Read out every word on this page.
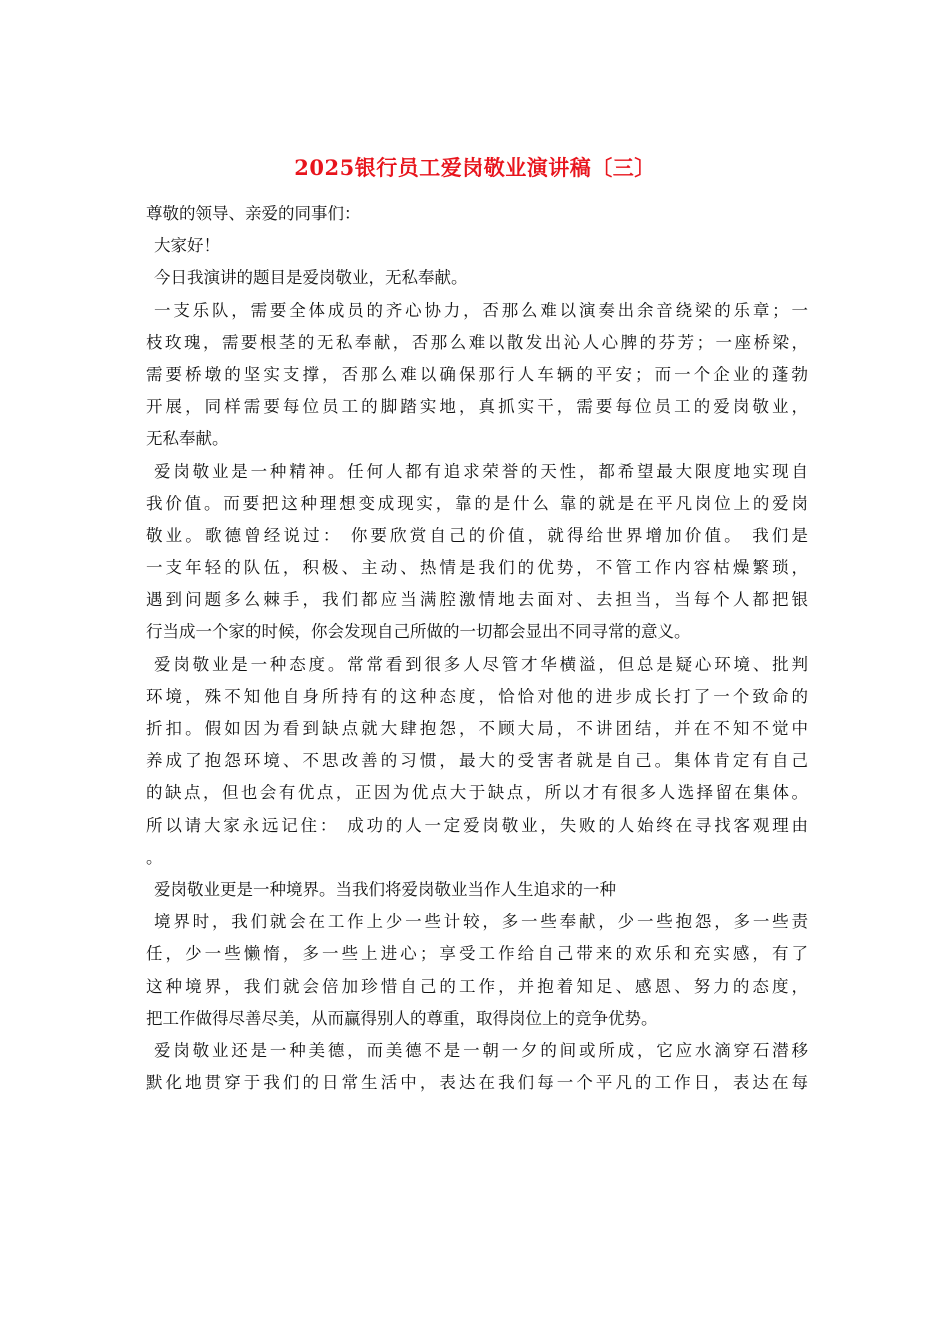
2025银行员工爱岗敬业演讲稿〔三〕
尊敬的领导、亲爱的同事们：
大家好！
今日我演讲的题目是爱岗敬业，无私奉献。
一支乐队，需要全体成员的齐心协力，否那么难以演奏出余音绕梁的乐章；一
枝玫瑰，需要根茎的无私奉献，否那么难以散发出沁人心脾的芬芳；一座桥梁，
需要桥墩的坚实支撑，否那么难以确保那行人车辆的平安；而一个企业的蓬勃
开展，同样需要每位员工的脚踏实地，真抓实干，需要每位员工的爱岗敬业，
无私奉献。
爱岗敬业是一种精神。任何人都有追求荣誉的天性，都希望最大限度地实现自
我价值。而要把这种理想变成现实，靠的是什么 靠的就是在平凡岗位上的爱岗
敬业。歌德曾经说过： 你要欣赏自己的价值，就得给世界增加价值。 我们是
一支年轻的队伍，积极、主动、热情是我们的优势，不管工作内容枯燥繁琐，
遇到问题多么棘手，我们都应当满腔激情地去面对、去担当，当每个人都把银
行当成一个家的时候，你会发现自己所做的一切都会显出不同寻常的意义。
爱岗敬业是一种态度。常常看到很多人尽管才华横溢，但总是疑心环境、批判
环境，殊不知他自身所持有的这种态度，恰恰对他的进步成长打了一个致命的
折扣。假如因为看到缺点就大肆抱怨，不顾大局，不讲团结，并在不知不觉中
养成了抱怨环境、不思改善的习惯，最大的受害者就是自己。集体肯定有自己
的缺点，但也会有优点，正因为优点大于缺点，所以才有很多人选择留在集体。
所以请大家永远记住： 成功的人一定爱岗敬业，失败的人始终在寻找客观理由
。
爱岗敬业更是一种境界。当我们将爱岗敬业当作人生追求的一种
境界时，我们就会在工作上少一些计较，多一些奉献，少一些抱怨，多一些责
任，少一些懒惰，多一些上进心；享受工作给自己带来的欢乐和充实感，有了
这种境界，我们就会倍加珍惜自己的工作，并抱着知足、感恩、努力的态度，
把工作做得尽善尽美，从而赢得别人的尊重，取得岗位上的竞争优势。
爱岗敬业还是一种美德，而美德不是一朝一夕的间或所成，它应水滴穿石潜移
默化地贯穿于我们的日常生活中，表达在我们每一个平凡的工作日，表达在每
